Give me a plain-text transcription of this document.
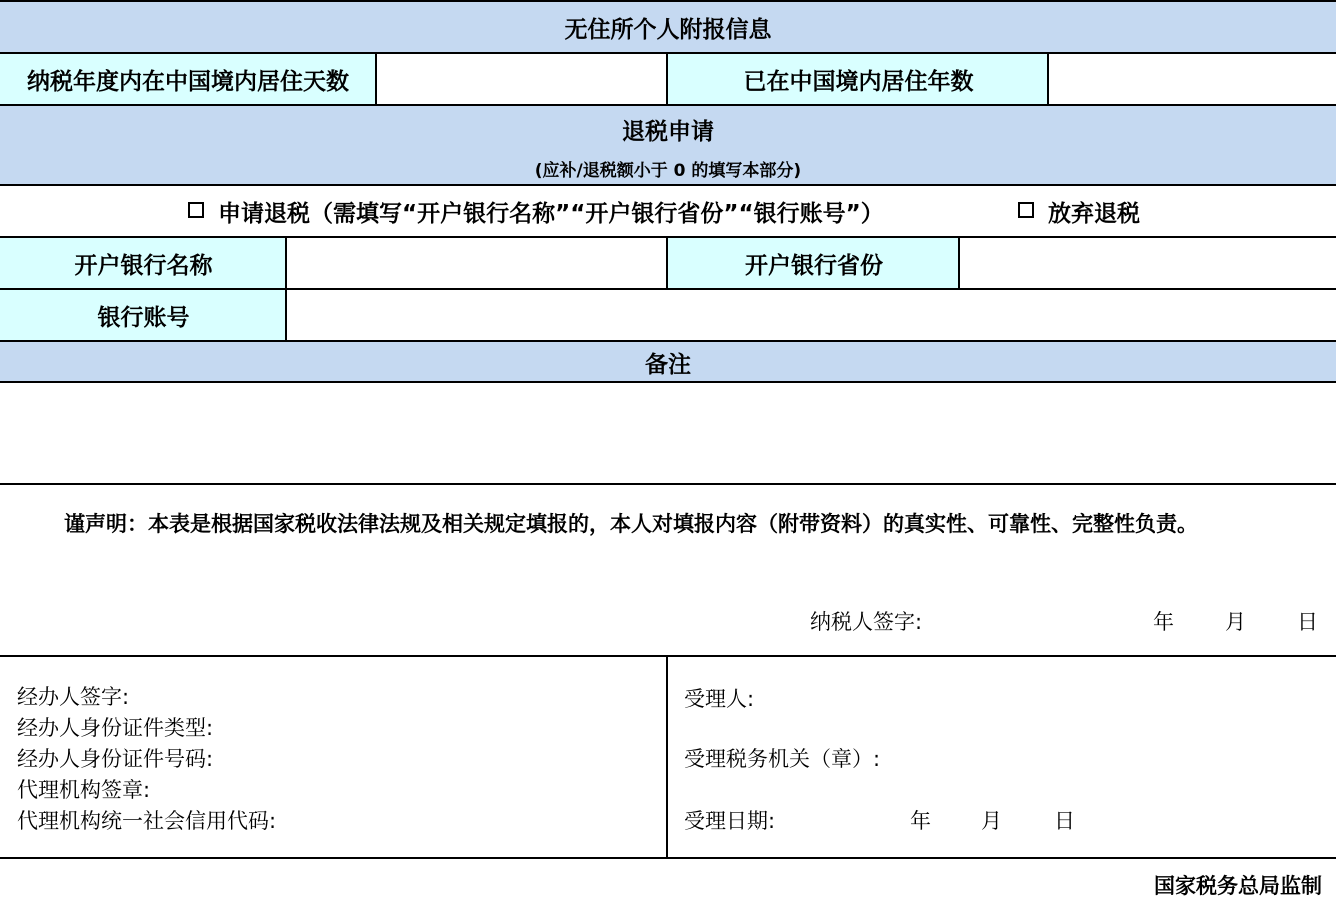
无住所个人附报信息
纳税年度内在中国境内居住天数	已在中国境内居住年数
退税申请
(应补/退税额小于 0 的填写本部分)
申请退税（需填写“开户银行名称”“开户银行省份”“银行账号”）	放弃退税
开户银行名称	开户银行省份
银行账号
备注
谨声明：本表是根据国家税收法律法规及相关规定填报的，本人对填报内容（附带资料）的真实性、可靠性、完整性负责。
纳税人签字:	年 月 日
经办人签字:
经办人身份证件类型:
经办人身份证件号码:
代理机构签章:
代理机构统一社会信用代码:
受理人:
受理税务机关（章）:
受理日期:	年 月 日
国家税务总局监制
